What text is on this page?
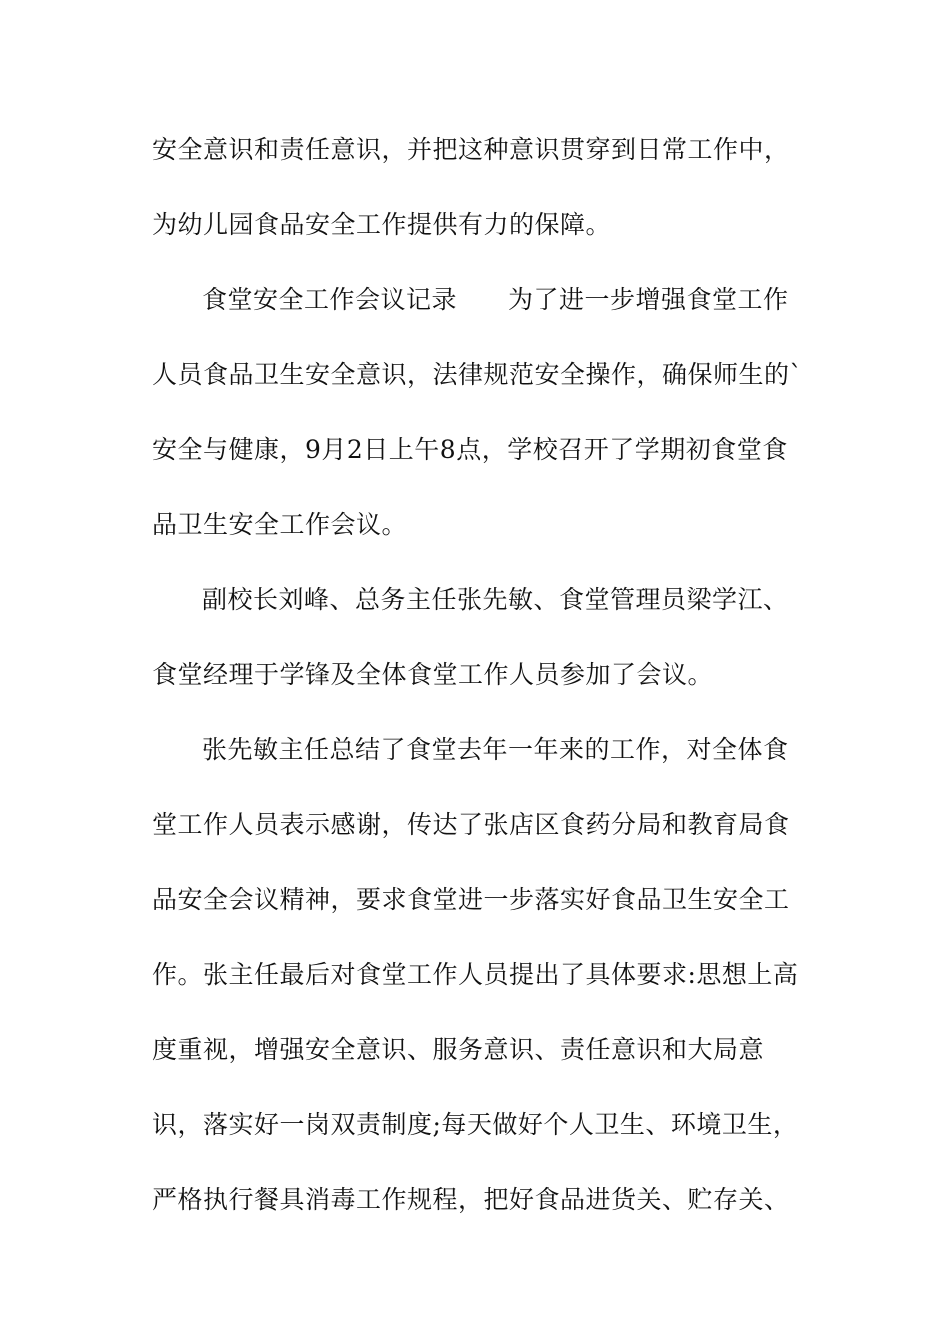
安全意识和责任意识，并把这种意识贯穿到日常工作中，
为幼儿园食品安全工作提供有力的保障。
食堂安全工作会议记录　　为了进一步增强食堂工作
人员食品卫生安全意识，法律规范安全操作，确保师生的`
安全与健康，9月2日上午8点，学校召开了学期初食堂食
品卫生安全工作会议。
副校长刘峰、总务主任张先敏、食堂管理员梁学江、
食堂经理于学锋及全体食堂工作人员参加了会议。
张先敏主任总结了食堂去年一年来的工作，对全体食
堂工作人员表示感谢，传达了张店区食药分局和教育局食
品安全会议精神，要求食堂进一步落实好食品卫生安全工
作。张主任最后对食堂工作人员提出了具体要求:思想上高
度重视，增强安全意识、服务意识、责任意识和大局意
识，落实好一岗双责制度;每天做好个人卫生、环境卫生，
严格执行餐具消毒工作规程，把好食品进货关、贮存关、
